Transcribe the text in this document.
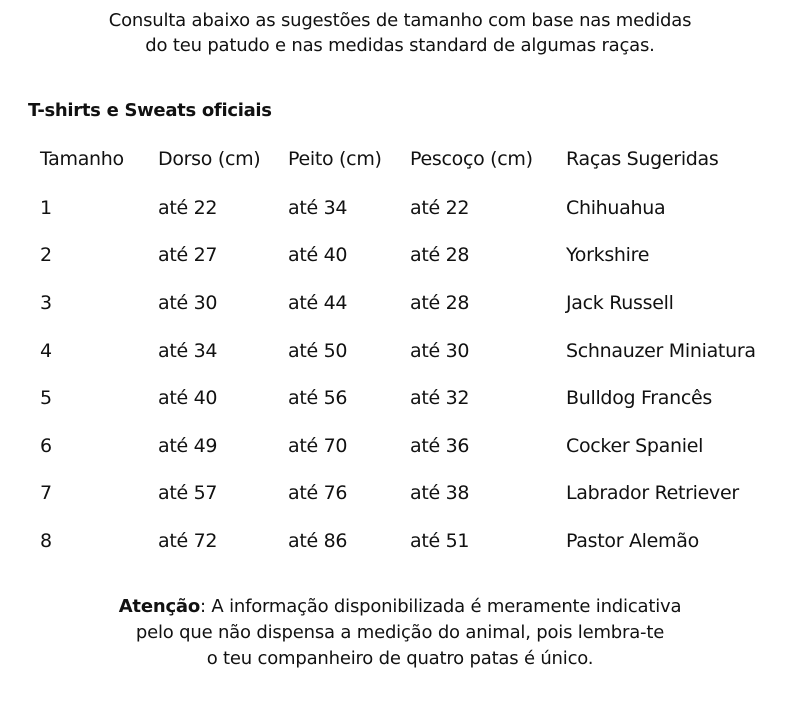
Consulta abaixo as sugestões de tamanho com base nas medidas
do teu patudo e nas medidas standard de algumas raças.
T-shirts e Sweats oficiais
Tamanho	Dorso (cm)	Peito (cm)	Pescoço (cm)	Raças Sugeridas
1	até 22	até 34	até 22	Chihuahua
2	até 27	até 40	até 28	Yorkshire
3	até 30	até 44	até 28	Jack Russell
4	até 34	até 50	até 30	Schnauzer Miniatura
5	até 40	até 56	até 32	Bulldog Francês
6	até 49	até 70	até 36	Cocker Spaniel
7	até 57	até 76	até 38	Labrador Retriever
8	até 72	até 86	até 51	Pastor Alemão
Atenção: A informação disponibilizada é meramente indicativa
pelo que não dispensa a medição do animal, pois lembra-te
o teu companheiro de quatro patas é único.
